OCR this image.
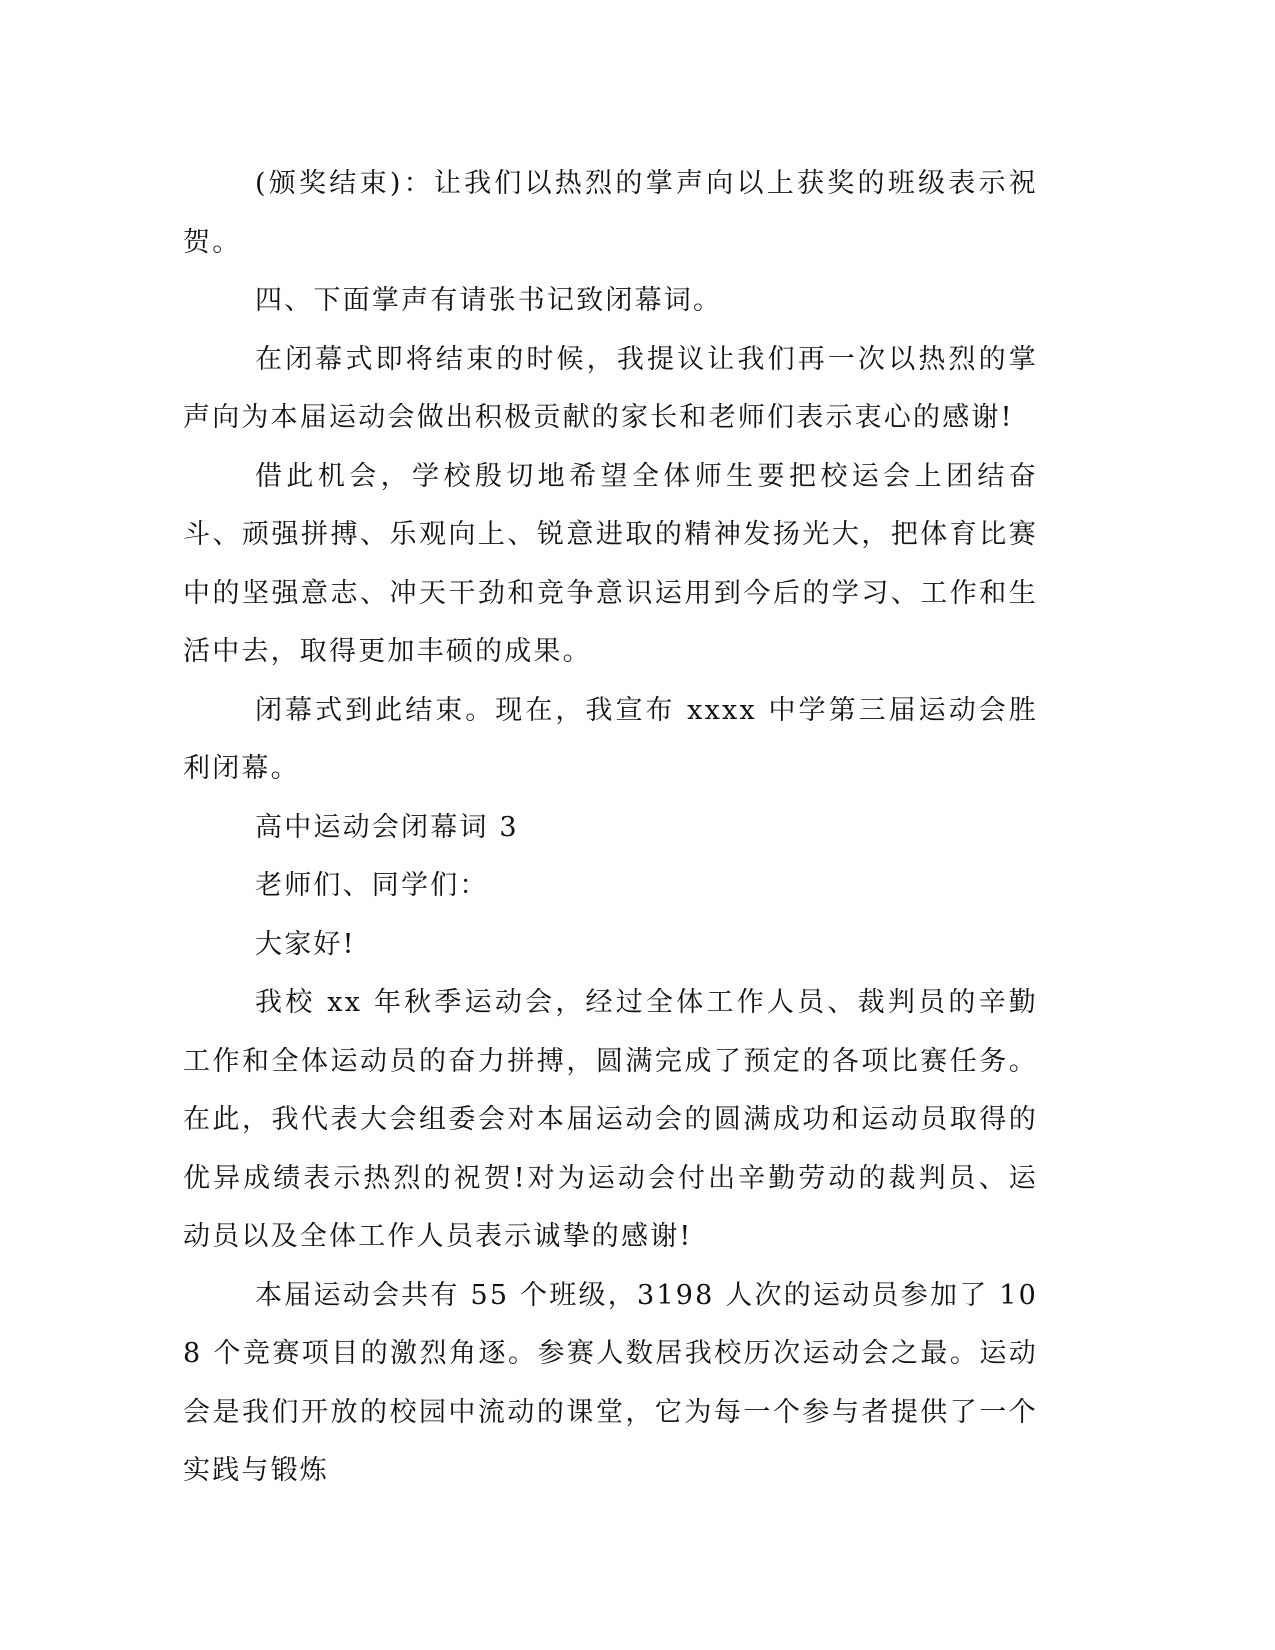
(颁奖结束)：让我们以热烈的掌声向以上获奖的班级表示祝贺。

四、下面掌声有请张书记致闭幕词。

在闭幕式即将结束的时候，我提议让我们再一次以热烈的掌声向为本届运动会做出积极贡献的家长和老师们表示衷心的感谢!

借此机会，学校殷切地希望全体师生要把校运会上团结奋斗、顽强拼搏、乐观向上、锐意进取的精神发扬光大，把体育比赛中的坚强意志、冲天干劲和竞争意识运用到今后的学习、工作和生活中去，取得更加丰硕的成果。

闭幕式到此结束。现在，我宣布 xxxx 中学第三届运动会胜利闭幕。

高中运动会闭幕词 3

老师们、同学们：

大家好!

我校 xx 年秋季运动会，经过全体工作人员、裁判员的辛勤工作和全体运动员的奋力拼搏，圆满完成了预定的各项比赛任务。在此，我代表大会组委会对本届运动会的圆满成功和运动员取得的优异成绩表示热烈的祝贺!对为运动会付出辛勤劳动的裁判员、运动员以及全体工作人员表示诚挚的感谢!

本届运动会共有 55 个班级，3198 人次的运动员参加了 108 个竞赛项目的激烈角逐。参赛人数居我校历次运动会之最。运动会是我们开放的校园中流动的课堂，它为每一个参与者提供了一个实践与锻炼
